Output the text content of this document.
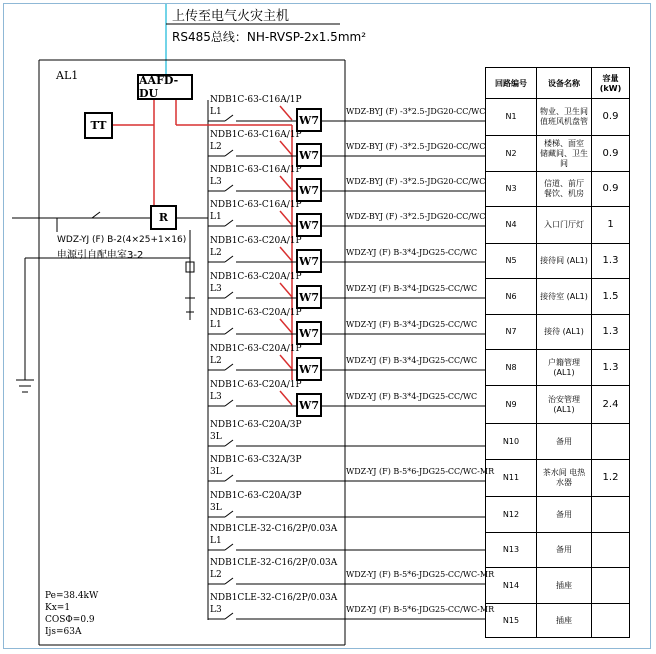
上传至电气火灾主机
RS485总线：NH-RVSP-2x1.5mm²
AL1	AAFD-DU
TT
R
WDZ-YJ (F) B-2(4×25+1×16)
电源引自配电室3-2
Pe=38.4kW
Kx=1
COSΦ=0.9
Ijs=63A
NDB1C-63-C16A/1P
L1
W7
WDZ-BYJ (F) -3*2.5-JDG20-CC/WC
NDB1C-63-C16A/1P
L2
W7
WDZ-BYJ (F) -3*2.5-JDG20-CC/WC
NDB1C-63-C16A/1P
L3
W7
WDZ-BYJ (F) -3*2.5-JDG20-CC/WC
NDB1C-63-C16A/1P
L1
W7
WDZ-BYJ (F) -3*2.5-JDG20-CC/WC
NDB1C-63-C20A/1P
L2
W7
WDZ-YJ (F) B-3*4-JDG25-CC/WC
NDB1C-63-C20A/1P
L3
W7
WDZ-YJ (F) B-3*4-JDG25-CC/WC
NDB1C-63-C20A/1P
L1
W7
WDZ-YJ (F) B-3*4-JDG25-CC/WC
NDB1C-63-C20A/1P
L2
W7
WDZ-YJ (F) B-3*4-JDG25-CC/WC
NDB1C-63-C20A/1P
L3
W7
WDZ-YJ (F) B-3*4-JDG25-CC/WC
NDB1C-63-C20A/3P
3L
NDB1C-63-C32A/3P
3L	WDZ-YJ (F) B-5*6-JDG25-CC/WC-MR
NDB1C-63-C20A/3P
3L
NDB1CLE-32-C16/2P/0.03A
L1
NDB1CLE-32-C16/2P/0.03A
L2	WDZ-YJ (F) B-5*6-JDG25-CC/WC-MR
NDB1CLE-32-C16/2P/0.03A
L3	WDZ-YJ (F) B-5*6-JDG25-CC/WC-MR
回路编号	设备名称	容量 (kW)
N1	物业、卫生间 值班风机盘管	0.9
N2	楼梯、面室 储藏间、卫生间	0.9
N3	信道、前厅 餐饮、机房	0.9
N4	入口门厅灯	1
N5	接待间 (AL1)	1.3
N6	接待室 (AL1)	1.5
N7	接待 (AL1)	1.3
N8	户籍管理 (AL1)	1.3
N9	治安管理 (AL1)	2.4
N10	备用	
N11	茶水间 电热水器	1.2
N12	备用	
N13	备用	
N14	插座	
N15	插座	
